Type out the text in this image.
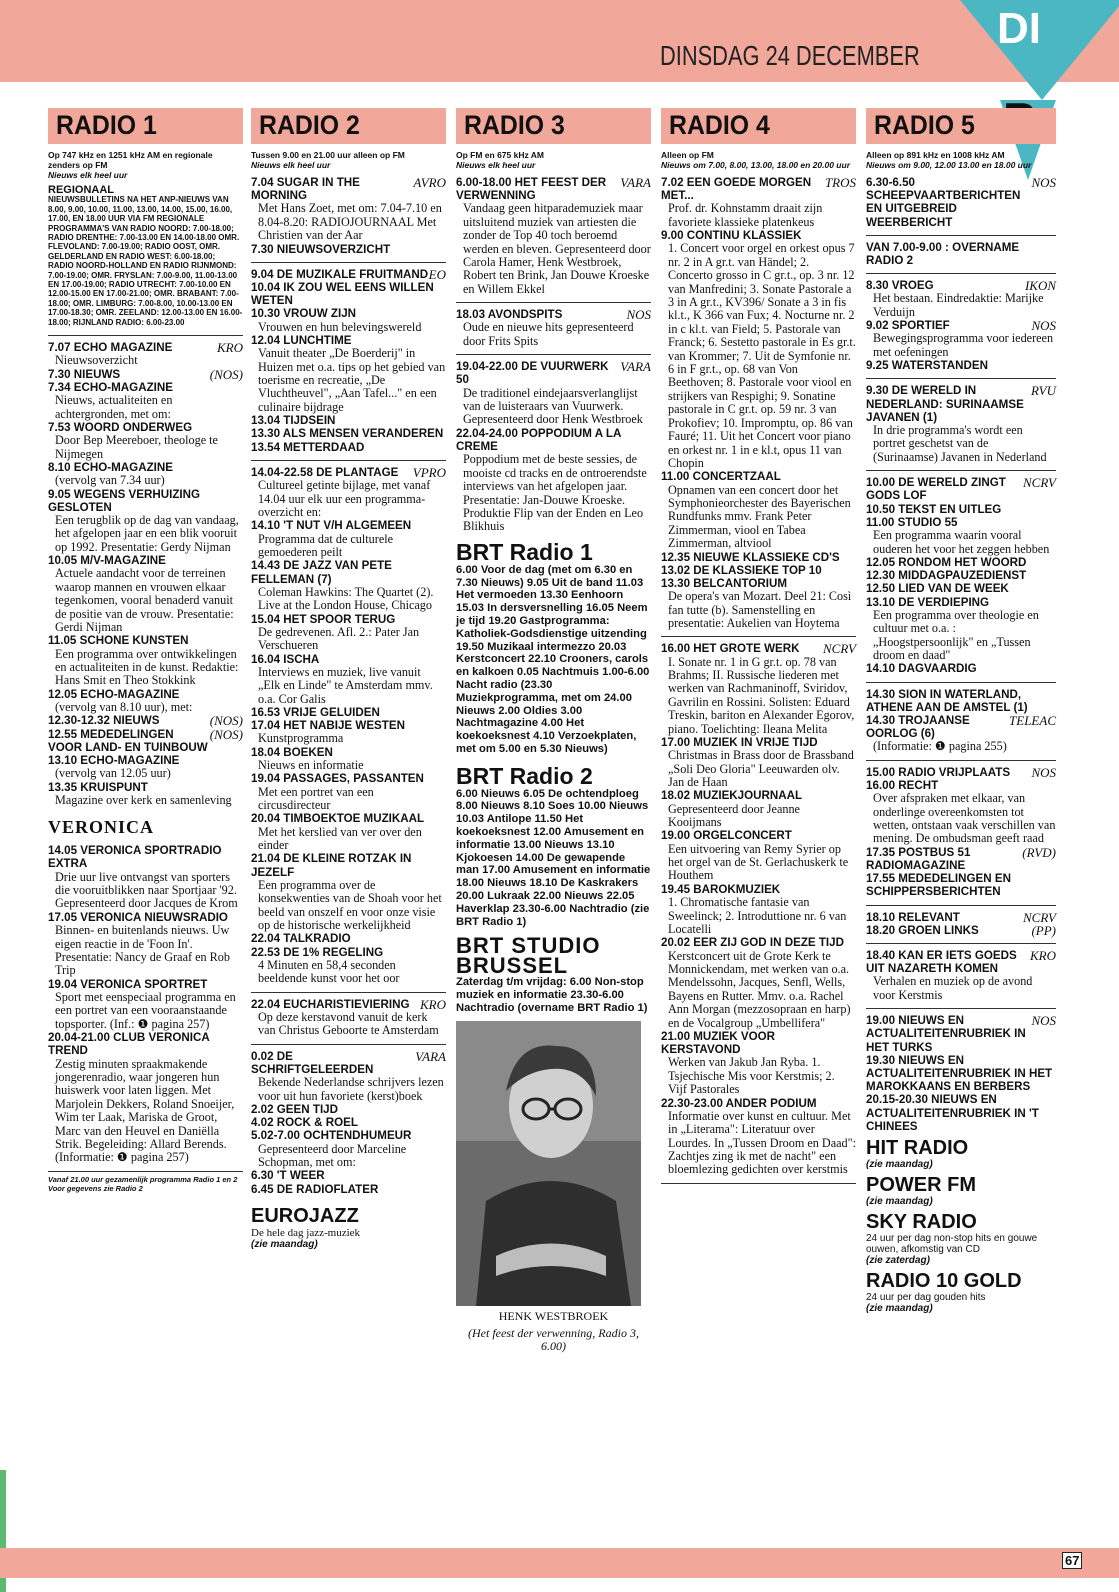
DINSDAG 24 DECEMBER
DI
RADIO 1
Op 747 kHz en 1251 kHz AM en regionale zenders op FM
Nieuws elk heel uur
REGIONAAL
NIEUWSBULLETINS NA HET ANP-NIEUWS VAN 8.00, 9.00, 10.00, 11.00, 13.00, 14.00, 15.00, 16.00, 17.00, EN 18.00 UUR VIA FM REGIONALE PROGRAMMA'S VAN RADIO NOORD: 7.00-18.00; RADIO DRENTHE: 7.00-13.00 EN 14.00-18.00 OMR. FLEVOLAND: 7.00-19.00; RADIO OOST, OMR. GELDERLAND EN RADIO WEST: 6.00-18.00; RADIO NOORD-HOLLAND EN RADIO RIJNMOND: 7.00-19.00; OMR. FRYSLAN: 7.00-9.00, 11.00-13.00 EN 17.00-19.00; RADIO UTRECHT: 7.00-10.00 EN 12.00-15.00 EN 17.00-21.00; OMR. BRABANT: 7.00-18.00; OMR. LIMBURG: 7.00-8.00, 10.00-13.00 EN 17.00-18.30; OMR. ZEELAND: 12.00-13.00 EN 16.00-18.00; RIJNLAND RADIO: 6.00-23.00
7.07 ECHO MAGAZINE	KRO
Nieuwsoverzicht
7.30 NIEUWS	(NOS)
7.34 ECHO-MAGAZINE
Nieuws, actualiteiten en achtergronden, met om:
7.53 WOORD ONDERWEG
Door Bep Meereboer, theologe te Nijmegen
8.10 ECHO-MAGAZINE
(vervolg van 7.34 uur)
9.05 WEGENS VERHUIZING GESLOTEN
Een terugblik op de dag van vandaag, het afgelopen jaar en een blik vooruit op 1992. Presentatie: Gerdy Nijman
10.05 M/V-MAGAZINE
Actuele aandacht voor de terreinen waarop mannen en vrouwen elkaar tegenkomen, vooral benaderd vanuit de positie van de vrouw. Presentatie: Gerdi Nijman
11.05 SCHONE KUNSTEN
Een programma over ontwikkelingen en actualiteiten in de kunst. Redaktie: Hans Smit en Theo Stokkink
12.05 ECHO-MAGAZINE
(vervolg van 8.10 uur), met:
12.30-12.32 NIEUWS	(NOS)
12.55 MEDEDELINGEN VOOR LAND- EN TUINBOUW
(NOS)
13.10 ECHO-MAGAZINE
(vervolg van 12.05 uur)
13.35 KRUISPUNT
Magazine over kerk en samenleving
VERONICA
14.05 VERONICA SPORTRADIO EXTRA
Drie uur live ontvangst van sporters die vooruitblikken naar Sportjaar '92. Gepresenteerd door Jacques de Krom
17.05 VERONICA NIEUWSRADIO
Binnen- en buitenlands nieuws. Uw eigen reactie in de 'Foon In'. Presentatie: Nancy de Graaf en Rob Trip
19.04 VERONICA SPORTRET
Sport met eenspeciaal programma en een portret van een vooraanstaande topsporter. (Inf.: ❶ pagina 257)
20.04-21.00 CLUB VERONICA TREND
Zestig minuten spraakmakende jongerenradio, waar jongeren hun huiswerk voor laten liggen. Met Marjolein Dekkers, Roland Snoeijer, Wim ter Laak, Mariska de Groot, Marc van den Heuvel en Daniëlla Strik. Begeleiding: Allard Berends. (Informatie: ❶ pagina 257)
Vanaf 21.00 uur gezamenlijk programma Radio 1 en 2 Voor gegevens zie Radio 2
RADIO 2
Tussen 9.00 en 21.00 uur alleen op FM
Nieuws elk heel uur
7.04 SUGAR IN THE MORNING
AVRO
Met Hans Zoet, met om: 7.04-7.10 en 8.04-8.20: RADIOJOURNAAL Met Christien van der Aar
7.30 NIEUWSOVERZICHT
9.04 DE MUZIKALE FRUITMAND EO
10.04 IK ZOU WEL EENS WILLEN WETEN
10.30 VROUW ZIJN
Vrouwen en hun belevingswereld
12.04 LUNCHTIME
Vanuit theater „De Boerderij" in Huizen met o.a. tips op het gebied van toerisme en recreatie, „De Vluchtheuvel", „Aan Tafel..." en een culinaire bijdrage
13.04 TIJDSEIN
13.30 ALS MENSEN VERANDEREN
13.54 METTERDAAD
14.04-22.58 DE PLANTAGE VPRO
Cultureel getinte bijlage, met vanaf 14.04 uur elk uur een programma-overzicht en:
14.10 'T NUT V/H ALGEMEEN
Programma dat de culturele gemoederen peilt
14.43 DE JAZZ VAN PETE FELLEMAN (7)
Coleman Hawkins: The Quartet (2). Live at the London House, Chicago
15.04 HET SPOOR TERUG
De gedrevenen. Afl. 2.: Pater Jan Verschueren
16.04 ISCHA
Interviews en muziek, live vanuit „Elk en Linde" te Amsterdam mmv. o.a. Cor Galis
16.53 VRIJE GELUIDEN
17.04 HET NABIJE WESTEN
Kunstprogramma
18.04 BOEKEN
Nieuws en informatie
19.04 PASSAGES, PASSANTEN
Met een portret van een circusdirecteur
20.04 TIMBOEKTOE MUZIKAAL
Met het kerslied van ver over den einder
21.04 DE KLEINE ROTZAK IN JEZELF
Een programma over de konsekwenties van de Shoah voor het beeld van onszelf en voor onze visie op de historische werkelijkheid
22.04 TALKRADIO
22.53 DE 1% REGELING
4 Minuten en 58,4 seconden beeldende kunst voor het oor
22.04 EUCHARISTIEVIERING KRO
Op deze kerstavond vanuit de kerk van Christus Geboorte te Amsterdam
0.02 DE SCHRIFTGELEERDEN
VARA
Bekende Nederlandse schrijvers lezen voor uit hun favoriete (kerst)boek
2.02 GEEN TIJD
4.02 ROCK & ROEL
5.02-7.00 OCHTENDHUMEUR
Gepresenteerd door Marceline Schopman, met om:
6.30 'T WEER
6.45 DE RADIOFLATER
EUROJAZZ
De hele dag jazz-muziek
(zie maandag)
RADIO 3
Op FM en 675 kHz AM
Nieuws elk heel uur
6.00-18.00 HET FEEST DER VERWENNING
VARA
Vandaag geen hitparademuziek maar uitsluitend muziek van artiesten die zonder de Top 40 toch beroemd werden en bleven. Gepresenteerd door Carola Hamer, Henk Westbroek, Robert ten Brink, Jan Douwe Kroeske en Willem Ekkel
18.03 AVONDSPITS	NOS
Oude en nieuwe hits gepresenteerd door Frits Spits
19.04-22.00 DE VUURWERK 50
VARA
De traditionel eindejaarsverlanglijst van de luisteraars van Vuurwerk. Gepresenteerd door Henk Westbroek
22.04-24.00 POPPODIUM A LA CREME
Poppodium met de beste sessies, de mooiste cd tracks en de ontroerendste interviews van het afgelopen jaar. Presentatie: Jan-Douwe Kroeske. Produktie Flip van der Enden en Leo Blikhuis
BRT Radio 1
6.00 Voor de dag (met om 6.30 en 7.30 Nieuws) 9.05 Uit de band 11.03 Het vermoeden 13.30 Eenhoorn 15.03 In dersversnelling 16.05 Neem je tijd 19.20 Gastprogramma: Katholiek-Godsdienstige uitzending 19.50 Muzikaal intermezzo 20.03 Kerstconcert 22.10 Crooners, carols en kalkoen 0.05 Nachtmuis 1.00-6.00 Nacht radio (23.30 Muziekprogramma, met om 24.00 Nieuws 2.00 Oldies 3.00 Nachtmagazine 4.00 Het koekoeksnest 4.10 Verzoekplaten, met om 5.00 en 5.30 Nieuws)
BRT Radio 2
6.00 Nieuws 6.05 De ochtendploeg 8.00 Nieuws 8.10 Soes 10.00 Nieuws 10.03 Antilope 11.50 Het koekoeksnest 12.00 Amusement en informatie 13.00 Nieuws 13.10 Kjokoesen 14.00 De gewapende man 17.00 Amusement en informatie 18.00 Nieuws 18.10 De Kaskrakers 20.00 Lukraak 22.00 Nieuws 22.05 Haverklap 23.30-6.00 Nachtradio (zie BRT Radio 1)
BRT STUDIO BRUSSEL
Zaterdag t/m vrijdag: 6.00 Non-stop muziek en informatie 23.30-6.00 Nachtradio (overname BRT Radio 1)
HENK WESTBROEK
(Het feest der verwenning, Radio 3, 6.00)
RADIO 4
Alleen op FM
Nieuws om 7.00, 8.00, 13.00, 18.00 en 20.00 uur
7.02 EEN GOEDE MORGEN MET...
TROS
Prof. dr. Kohnstamm draait zijn favoriete klassieke platenkeus
9.00 CONTINU KLASSIEK
1. Concert voor orgel en orkest opus 7 nr. 2 in A gr.t. van Händel; 2. Concerto grosso in C gr.t., op. 3 nr. 12 van Manfredini; 3. Sonate Pastorale a 3 in A gr.t., KV396/ Sonate a 3 in fis kl.t., K 366 van Fux; 4. Nocturne nr. 2 in c kl.t. van Field; 5. Pastorale van Franck; 6. Sestetto pastorale in Es gr.t. van Krommer; 7. Uit de Symfonie nr. 6 in F gr.t., op. 68 van Von Beethoven; 8. Pastorale voor viool en strijkers van Respighi; 9. Sonatine pastorale in C gr.t. op. 59 nr. 3 van Prokofiev; 10. Impromptu, op. 86 van Fauré; 11. Uit het Concert voor piano en orkest nr. 1 in e kl.t, opus 11 van Chopin
11.00 CONCERTZAAL
Opnamen van een concert door het Symphonieorchester des Bayerischen Rundfunks mmv. Frank Peter Zimmerman, viool en Tabea Zimmerman, altviool
12.35 NIEUWE KLASSIEKE CD'S
13.02 DE KLASSIEKE TOP 10
13.30 BELCANTORIUM
De opera's van Mozart. Deel 21: Così fan tutte (b). Samenstelling en presentatie: Aukelien van Hoytema
16.00 HET GROTE WERK NCRV
I. Sonate nr. 1 in G gr.t. op. 78 van Brahms; II. Russische liederen met werken van Rachmaninoff, Sviridov, Gavrilin en Rossini. Solisten: Eduard Treskin, bariton en Alexander Egorov, piano. Toelichting: Ileana Melita
17.00 MUZIEK IN VRIJE TIJD
Christmas in Brass door de Brassband „Soli Deo Gloria" Leeuwarden olv. Jan de Haan
18.02 MUZIEKJOURNAAL
Gepresenteerd door Jeanne Kooijmans
19.00 ORGELCONCERT
Een uitvoering van Remy Syrier op het orgel van de St. Gerlachuskerk te Houthem
19.45 BAROKMUZIEK
1. Chromatische fantasie van Sweelinck; 2. Introduttione nr. 6 van Locatelli
20.02 EER ZIJ GOD IN DEZE TIJD
Kerstconcert uit de Grote Kerk te Monnickendam, met werken van o.a. Mendelssohn, Jacques, Senfl, Wells, Bayens en Rutter. Mmv. o.a. Rachel Ann Morgan (mezzosopraan en harp) en de Vocalgroup „Umbellifera"
21.00 MUZIEK VOOR KERSTAVOND
Werken van Jakub Jan Ryba. 1. Tsjechische Mis voor Kerstmis; 2. Vijf Pastorales
22.30-23.00 ANDER PODIUM
Informatie over kunst en cultuur. Met in „Literama": Literatuur over Lourdes. In „Tussen Droom en Daad": Zachtjes zing ik met de nacht" een bloemlezing gedichten over kerstmis
RADIO 5
Alleen op 891 kHz en 1008 kHz AM
Nieuws om 9.00, 12.00 13.00 en 18.00 uur
6.30-6.50 SCHEEPVAARTBERICHTEN EN UITGEBREID WEERBERICHT
NOS
VAN 7.00-9.00 : OVERNAME RADIO 2
8.30 VROEG	IKON
Het bestaan. Eindredaktie: Marijke Verduijn
9.02 SPORTIEF	NOS
Bewegingsprogramma voor iedereen met oefeningen
9.25 WATERSTANDEN
9.30 DE WERELD IN NEDERLAND: SURINAAMSE JAVANEN (1)
RVU
In drie programma's wordt een portret geschetst van de (Surinaamse) Javanen in Nederland
10.00 DE WERELD ZINGT GODS LOF
NCRV
10.50 TEKST EN UITLEG
11.00 STUDIO 55
Een programma waarin vooral ouderen het voor het zeggen hebben
12.05 RONDOM HET WOORD
12.30 MIDDAGPAUZEDIENST
12.50 LIED VAN DE WEEK
13.10 DE VERDIEPING
Een programma over theologie en cultuur met o.a. : „Hoogstpersoonlijk" en „Tussen droom en daad"
14.10 DAGVAARDIG
14.30 SION IN WATERLAND, ATHENE AAN DE AMSTEL (1)
14.30 TROJAANSE OORLOG (6)
TELEAC
(Informatie: ❶ pagina 255)
15.00 RADIO VRIJPLAATS NOS
16.00 RECHT
Over afspraken met elkaar, van onderlinge overeenkomsten tot wetten, ontstaan vaak verschillen van mening. De ombudsman geeft raad
17.35 POSTBUS 51 RADIOMAGAZINE
(RVD)
17.55 MEDEDELINGEN EN SCHIPPERSBERICHTEN
18.10 RELEVANT	NCRV
18.20 GROEN LINKS	(PP)
18.40 KAN ER IETS GOEDS UIT NAZARETH KOMEN
KRO
Verhalen en muziek op de avond voor Kerstmis
19.00 NIEUWS EN ACTUALITEITENRUBRIEK IN HET TURKS
NOS
19.30 NIEUWS EN ACTUALITEITENRUBRIEK IN HET MAROKKAANS EN BERBERS
20.15-20.30 NIEUWS EN ACTUALITEITENRUBRIEK IN 'T CHINEES
HIT RADIO
(zie maandag)
POWER FM
(zie maandag)
SKY RADIO
24 uur per dag non-stop hits en gouwe ouwen, afkomstig van CD
(zie zaterdag)
RADIO 10 GOLD
24 uur per dag gouden hits
(zie maandag)
67
